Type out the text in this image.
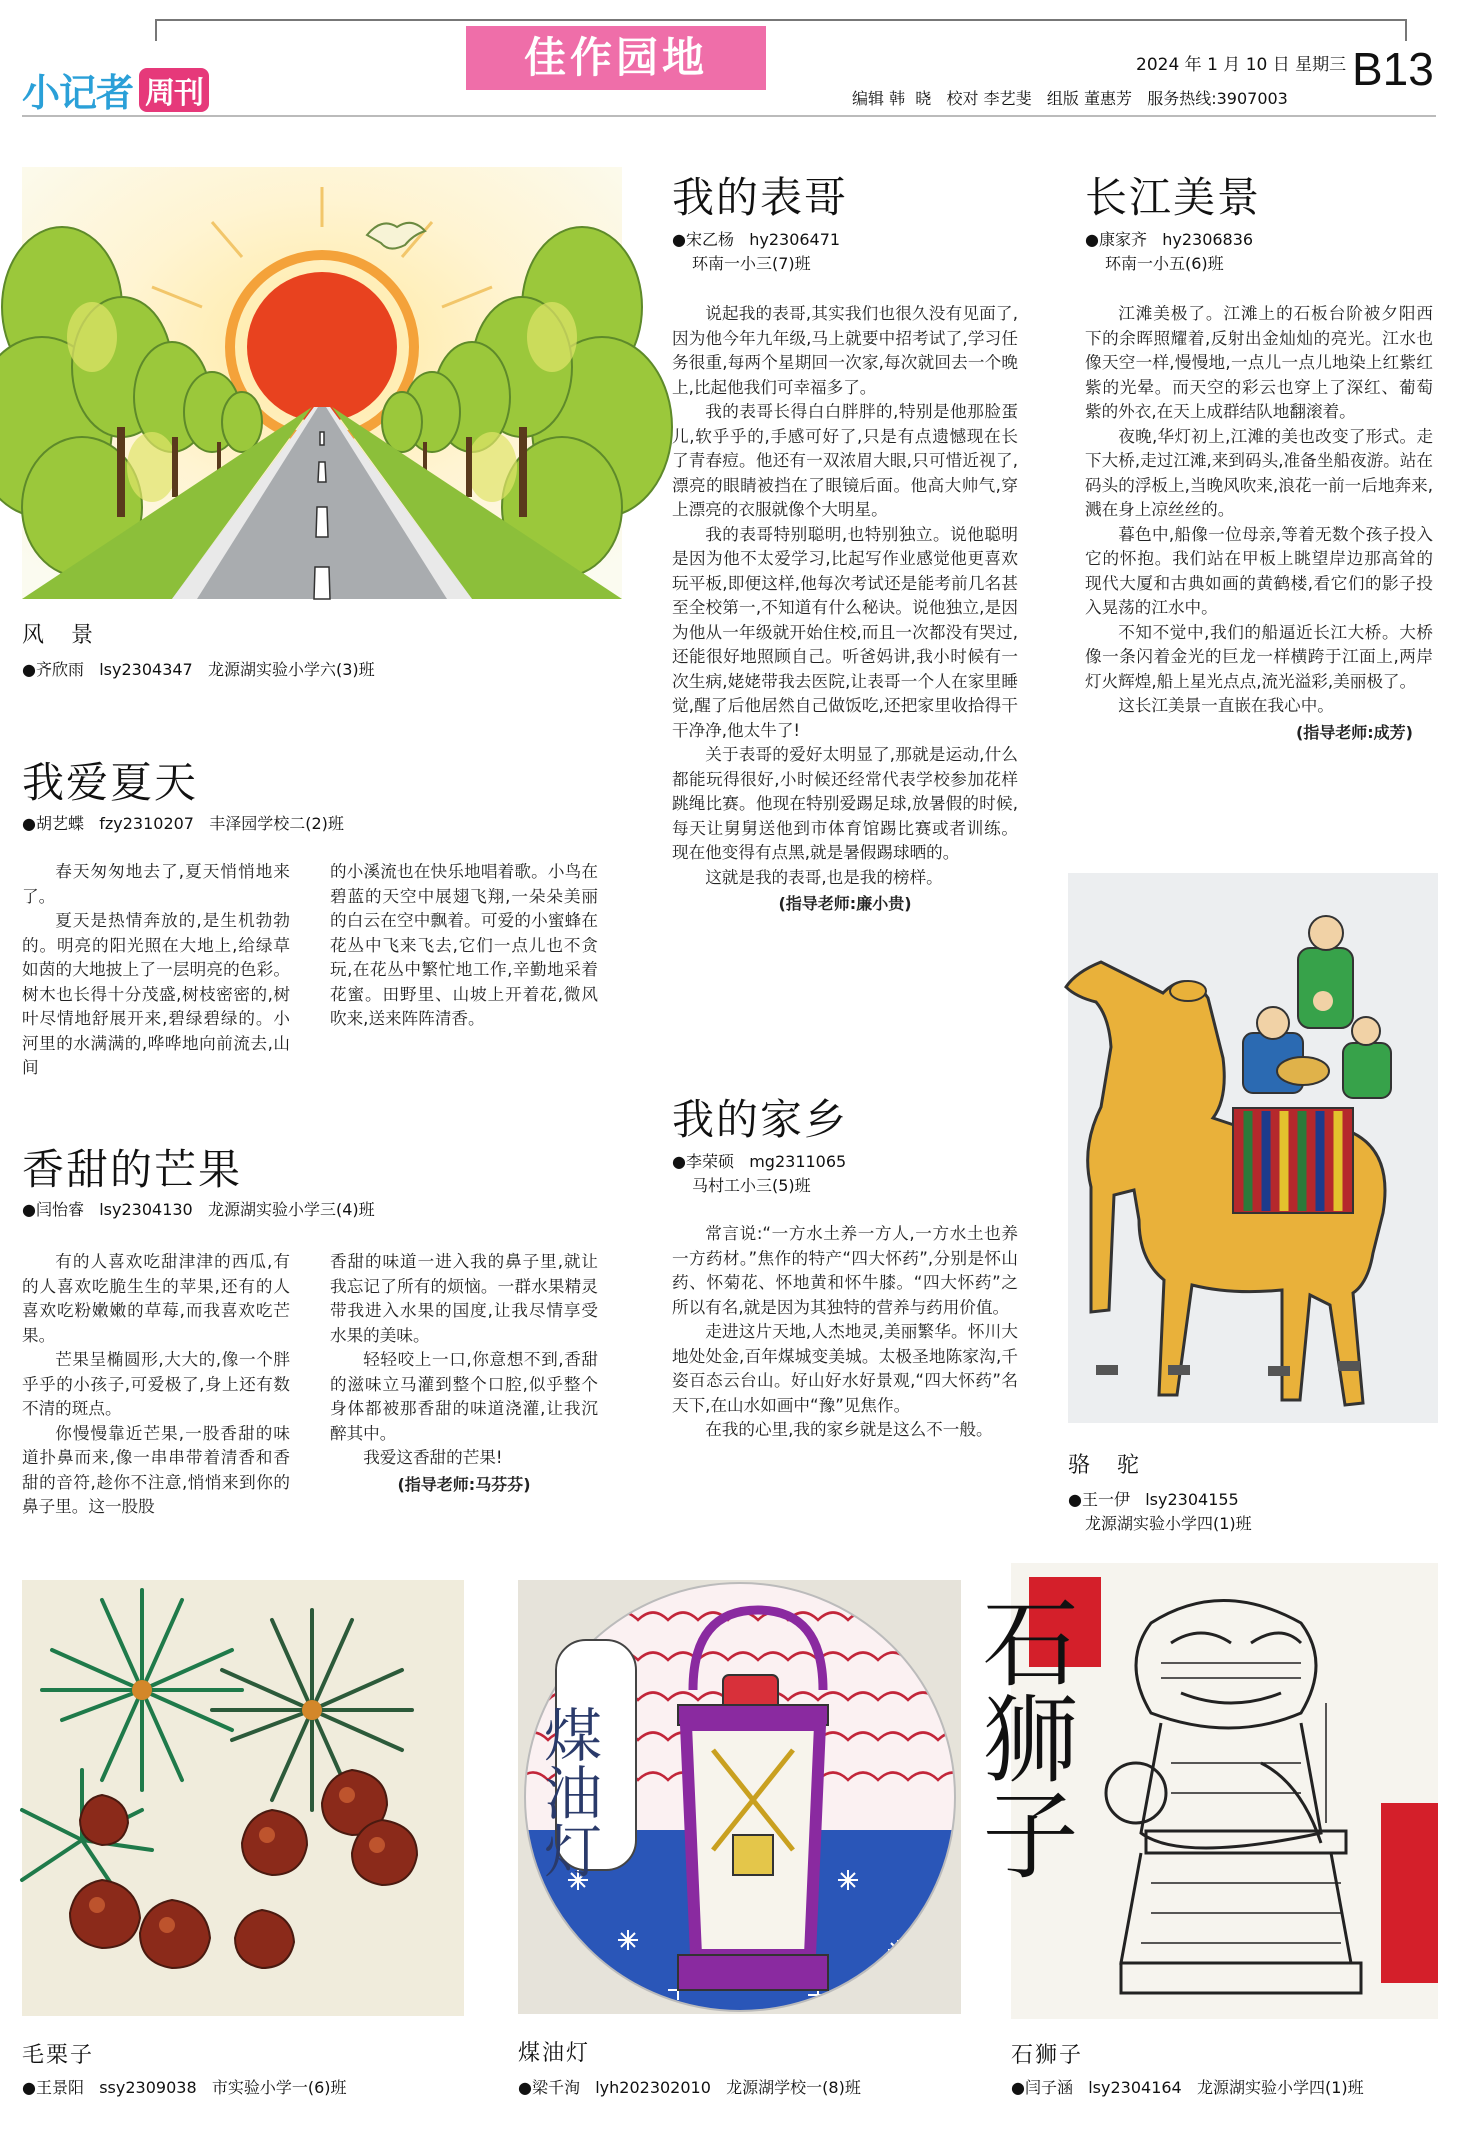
小记者 周刊
佳作园地	2024 年 1 月 10 日 星期三 B13
编辑 韩  晓   校对 李艺斐   组版 董惠芳   服务热线:3907003
风 景
●齐欣雨   lsy2304347   龙源湖实验小学六(3)班
我爱夏天
●胡艺蝶   fzy2310207   丰泽园学校二(2)班

春天匆匆地去了,夏天悄悄地来了。

夏天是热情奔放的,是生机勃勃的。明亮的阳光照在大地上,给绿草如茵的大地披上了一层明亮的色彩。树木也长得十分茂盛,树枝密密的,树叶尽情地舒展开来,碧绿碧绿的。小河里的水满满的,哗哗地向前流去,山间

的小溪流也在快乐地唱着歌。小鸟在碧蓝的天空中展翅飞翔,一朵朵美丽的白云在空中飘着。可爱的小蜜蜂在花丛中飞来飞去,它们一点儿也不贪玩,在花丛中繁忙地工作,辛勤地采着花蜜。田野里、山坡上开着花,微风吹来,送来阵阵清香。
香甜的芒果
●闫怡睿   lsy2304130   龙源湖实验小学三(4)班

有的人喜欢吃甜津津的西瓜,有的人喜欢吃脆生生的苹果,还有的人喜欢吃粉嫩嫩的草莓,而我喜欢吃芒果。

芒果呈椭圆形,大大的,像一个胖乎乎的小孩子,可爱极了,身上还有数不清的斑点。

你慢慢靠近芒果,一股香甜的味道扑鼻而来,像一串串带着清香和香甜的音符,趁你不注意,悄悄来到你的鼻子里。这一股股

香甜的味道一进入我的鼻子里,就让我忘记了所有的烦恼。一群水果精灵带我进入水果的国度,让我尽情享受水果的美味。

轻轻咬上一口,你意想不到,香甜的滋味立马灌到整个口腔,似乎整个身体都被那香甜的味道浇灌,让我沉醉其中。

我爱这香甜的芒果!

(指导老师:马芬芬)
我的表哥
●宋乙杨   hy2306471
环南一小三(7)班

说起我的表哥,其实我们也很久没有见面了,因为他今年九年级,马上就要中招考试了,学习任务很重,每两个星期回一次家,每次就回去一个晚上,比起他我们可幸福多了。

我的表哥长得白白胖胖的,特别是他那脸蛋儿,软乎乎的,手感可好了,只是有点遗憾现在长了青春痘。他还有一双浓眉大眼,只可惜近视了,漂亮的眼睛被挡在了眼镜后面。他高大帅气,穿上漂亮的衣服就像个大明星。

我的表哥特别聪明,也特别独立。说他聪明是因为他不太爱学习,比起写作业感觉他更喜欢玩平板,即便这样,他每次考试还是能考前几名甚至全校第一,不知道有什么秘诀。说他独立,是因为他从一年级就开始住校,而且一次都没有哭过,还能很好地照顾自己。听爸妈讲,我小时候有一次生病,姥姥带我去医院,让表哥一个人在家里睡觉,醒了后他居然自己做饭吃,还把家里收拾得干干净净,他太牛了!

关于表哥的爱好太明显了,那就是运动,什么都能玩得很好,小时候还经常代表学校参加花样跳绳比赛。他现在特别爱踢足球,放暑假的时候,每天让舅舅送他到市体育馆踢比赛或者训练。现在他变得有点黑,就是暑假踢球晒的。

这就是我的表哥,也是我的榜样。

(指导老师:廉小贵)
我的家乡
●李荣硕   mg2311065
马村工小三(5)班

常言说:“一方水土养一方人,一方水土也养一方药材。”焦作的特产“四大怀药”,分别是怀山药、怀菊花、怀地黄和怀牛膝。“四大怀药”之所以有名,就是因为其独特的营养与药用价值。

走进这片天地,人杰地灵,美丽繁华。怀川大地处处金,百年煤城变美城。太极圣地陈家沟,千姿百态云台山。好山好水好景观,“四大怀药”名天下,在山水如画中“豫”见焦作。

在我的心里,我的家乡就是这么不一般。

长江美景
●康家齐   hy2306836
环南一小五(6)班

江滩美极了。江滩上的石板台阶被夕阳西下的余晖照耀着,反射出金灿灿的亮光。江水也像天空一样,慢慢地,一点儿一点儿地染上红紫红紫的光晕。而天空的彩云也穿上了深红、葡萄紫的外衣,在天上成群结队地翻滚着。

夜晚,华灯初上,江滩的美也改变了形式。走下大桥,走过江滩,来到码头,准备坐船夜游。站在码头的浮板上,当晚风吹来,浪花一前一后地奔来,溅在身上凉丝丝的。

暮色中,船像一位母亲,等着无数个孩子投入它的怀抱。我们站在甲板上眺望岸边那高耸的现代大厦和古典如画的黄鹤楼,看它们的影子投入晃荡的江水中。

不知不觉中,我们的船逼近长江大桥。大桥像一条闪着金光的巨龙一样横跨于江面上,两岸灯火辉煌,船上星光点点,流光溢彩,美丽极了。

这长江美景一直嵌在我心中。

(指导老师:成芳)
骆 驼
●王一伊   lsy2304155
龙源湖实验小学四(1)班
毛栗子
●王景阳   ssy2309038   市实验小学一(6)班
煤油灯
煤油灯
●梁千洵   lyh202302010   龙源湖学校一(8)班
石狮子
石狮子
●闫子涵   lsy2304164   龙源湖实验小学四(1)班
